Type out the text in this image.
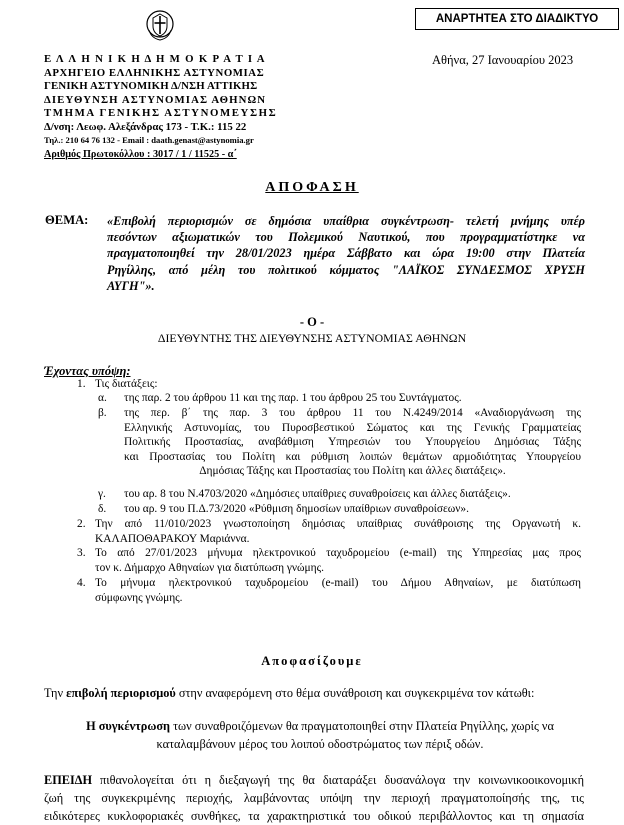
ΑΝΑΡΤΗΤΕΑ ΣΤΟ ΔΙΑΔΙΚΤΥΟ
Ε Λ Λ Η Ν Ι Κ Η Δ Η Μ Ο Κ Ρ Α Τ Ι Α
ΑΡΧΗΓΕΙΟ ΕΛΛΗΝΙΚΗΣ ΑΣΤΥΝΟΜΙΑΣ
ΓΕΝΙΚΗ ΑΣΤΥΝΟΜΙΚΗ Δ/ΝΣΗ ΑΤΤΙΚΗΣ
ΔΙΕΥΘΥΝΣΗ ΑΣΤΥΝΟΜΙΑΣ ΑΘΗΝΩΝ
ΤΜΗΜΑ ΓΕΝΙΚΗΣ ΑΣΤΥΝΟΜΕΥΣΗΣ
Δ/νση: Λεωφ. Αλεξάνδρας 173 - Τ.Κ.: 115 22
Τηλ.: 210 64 76 132 - Email : daath.genast@astynomia.gr
Αριθμός Πρωτοκόλλου : 3017 / 1 / 11525 - α΄
Αθήνα, 27 Ιανουαρίου 2023
ΑΠΟΦΑΣΗ
ΘΕΜΑ: «Επιβολή περιορισμών σε δημόσια υπαίθρια συγκέντρωση- τελετή μνήμης υπέρ
πεσόντων αξιωματικών του Πολεμικού Ναυτικού, που προγραμματίστηκε να
πραγματοποιηθεί την 28/01/2023 ημέρα Σάββατο και ώρα 19:00 στην Πλατεία
Ρηγίλλης, από μέλη του πολιτικού κόμματος "ΛΑΪΚΟΣ ΣΥΝΔΕΣΜΟΣ ΧΡΥΣΗ
ΑΥΓΗ"».
- Ο -
ΔΙΕΥΘΥΝΤΗΣ ΤΗΣ ΔΙΕΥΘΥΝΣΗΣ ΑΣΤΥΝΟΜΙΑΣ ΑΘΗΝΩΝ
Έχοντας υπόψη:
1. Τις διατάξεις:
α. της παρ. 2 του άρθρου 11 και της παρ. 1 του άρθρου 25 του Συντάγματος.
β. της περ. β΄ της παρ. 3 του άρθρου 11 του Ν.4249/2014 «Αναδιοργάνωση της
Ελληνικής Αστυνομίας, του Πυροσβεστικού Σώματος και της Γενικής Γραμματείας
Πολιτικής Προστασίας, αναβάθμιση Υπηρεσιών του Υπουργείου Δημόσιας Τάξης
και Προστασίας του Πολίτη και ρύθμιση λοιπών θεμάτων αρμοδιότητας Υπουργείου
Δημόσιας Τάξης και Προστασίας του Πολίτη και άλλες διατάξεις».
γ. του αρ. 8 του Ν.4703/2020 «Δημόσιες υπαίθριες συναθροίσεις και άλλες διατάξεις».
δ. του αρ. 9 του Π.Δ.73/2020 «Ρύθμιση δημοσίων υπαίθριων συναθροίσεων».
2. Την από 11/010/2023 γνωστοποίηση δημόσιας υπαίθριας συνάθροισης της Οργανωτή κ.
ΚΑΛΑΠΟΘΑΡΑΚΟΥ Μαριάννα.
3. Το από 27/01/2023 μήνυμα ηλεκτρονικού ταχυδρομείου (e-mail) της Υπηρεσίας μας προς
τον κ. Δήμαρχο Αθηναίων για διατύπωση γνώμης.
4. Το μήνυμα ηλεκτρονικού ταχυδρομείου (e-mail) του Δήμου Αθηναίων, με διατύπωση
σύμφωνης γνώμης.
Αποφασίζουμε
Την επιβολή περιορισμού στην αναφερόμενη στο θέμα συνάθροιση και συγκεκριμένα τον κάτωθι:
Η συγκέντρωση των συναθροιζόμενων θα πραγματοποιηθεί στην Πλατεία Ρηγίλλης, χωρίς να
καταλαμβάνουν μέρος του λοιπού οδοστρώματος των πέριξ οδών.
ΕΠΕΙΔΗ πιθανολογείται ότι η διεξαγωγή της θα διαταράξει δυσανάλογα την κοινωνικοοικονομική
ζωή της συγκεκριμένης περιοχής, λαμβάνοντας υπόψη την περιοχή πραγματοποίησής της, τις
ειδικότερες κυκλοφοριακές συνθήκες, τα χαρακτηριστικά του οδικού περιβάλλοντος και τη σημασία
